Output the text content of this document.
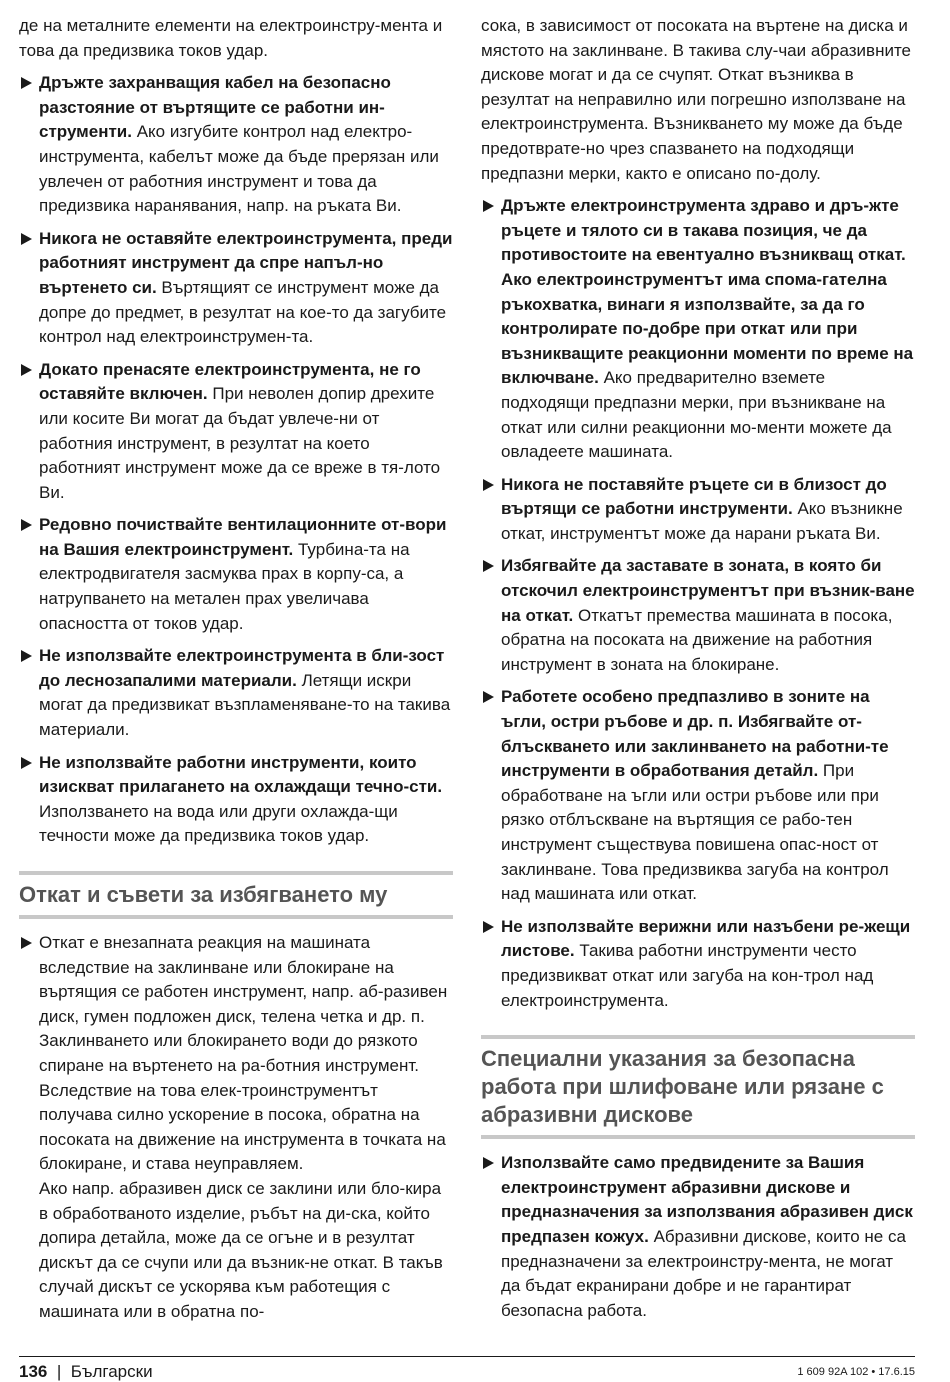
де на металните елементи на електроинстру-мента и това да предизвика токов удар.

Дръжте захранващия кабел на безопасно разстояние от въртящите се работни ин-струменти. Ако изгубите контрол над електро-инструмента, кабелът може да бъде прерязан или увлечен от работния инструмент и това да предизвика наранявания, напр. на ръката Ви.

Никога не оставяйте електроинструмента, преди работният инструмент да спре напъл-но въртенето си. Въртящият се инструмент може да допре до предмет, в резултат на кое-то да загубите контрол над електроинструмен-та.

Докато пренасяте електроинструмента, не го оставяйте включен. При неволен допир дрехите или косите Ви могат да бъдат увлече-ни от работния инструмент, в резултат на което работният инструмент може да се вреже в тя-лото Ви.

Редовно почиствайте вентилационните от-вори на Вашия електроинструмент. Турбина-та на електродвигателя засмуква прах в корпу-са, а натрупването на метален прах увеличава опасността от токов удар.

Не използвайте електроинструмента в бли-зост до леснозапалими материали. Летящи искри могат да предизвикат възпламеняване-то на такива материали.

Не използвайте работни инструменти, които изискват прилагането на охлаждащи течно-сти. Използването на вода или други охлажда-щи течности може да предизвика токов удар.

Откат и съвети за избягването му

Откат е внезапната реакция на машината вследствие на заклинване или блокиране на въртящия се работен инструмент, напр. аб-разивен диск, гумен подложен диск, телена четка и др. п. Заклинването или блокирането води до рязкото спиране на въртенето на ра-ботния инструмент. Вследствие на това елек-троинструментът получава силно ускорение в посока, обратна на посоката на движение на инструмента в точката на блокиране, и става неуправляем.

Ако напр. абразивен диск се заклини или бло-кира в обработваното изделие, ръбът на ди-ска, който допира детайла, може да се огъне и в резултат дискът да се счупи или да възник-не откат. В такъв случай дискът се ускорява към работещия с машината или в обратна по-

сока, в зависимост от посоката на въртене на диска и мястото на заклинване. В такива слу-чаи абразивните дискове могат и да се счупят. Откат възниква в резултат на неправилно или погрешно използване на електроинструмента. Възникването му може да бъде предотврате-но чрез спазването на подходящи предпазни мерки, както е описано по-долу.

Дръжте електроинструмента здраво и дръ-жте ръцете и тялото си в такава позиция, че да противостоите на евентуално възникващ откат. Ако електроинструментът има спома-гателна ръкохватка, винаги я използвайте, за да го контролирате по-добре при откат или при възникващите реакционни моменти по време на включване. Ако предварително вземете подходящи предпазни мерки, при възникване на откат или силни реакционни мо-менти можете да овладеете машината.

Никога не поставяйте ръцете си в близост до въртящи се работни инструменти. Ако възникне откат, инструментът може да нарани ръката Ви.

Избягвайте да заставате в зоната, в която би отскочил електроинструментът при възник-ване на откат. Откатът премества машината в посока, обратна на посоката на движение на работния инструмент в зоната на блокиране.

Работете особено предпазливо в зоните на ъгли, остри ръбове и др. п. Избягвайте от-блъскването или заклинването на работни-те инструменти в обработвания детайл. При обработване на ъгли или остри ръбове или при рязко отблъскване на въртящия се рабо-тен инструмент съществува повишена опас-ност от заклинване. Това предизвиква загуба на контрол над машината или откат.

Не използвайте верижни или назъбени ре-жещи листове. Такива работни инструменти често предизвикват откат или загуба на кон-трол над електроинструмента.

Специални указания за безопасна работа при шлифоване или рязане с абразивни дискове

Използвайте само предвидените за Вашия електроинструмент абразивни дискове и предназначения за използвания абразивен диск предпазен кожух. Абразивни дискове, които не са предназначени за електроинстру-мента, не могат да бъдат екранирани добре и не гарантират безопасна работа.

136 | Български	1 609 92A 102 • 17.6.15
